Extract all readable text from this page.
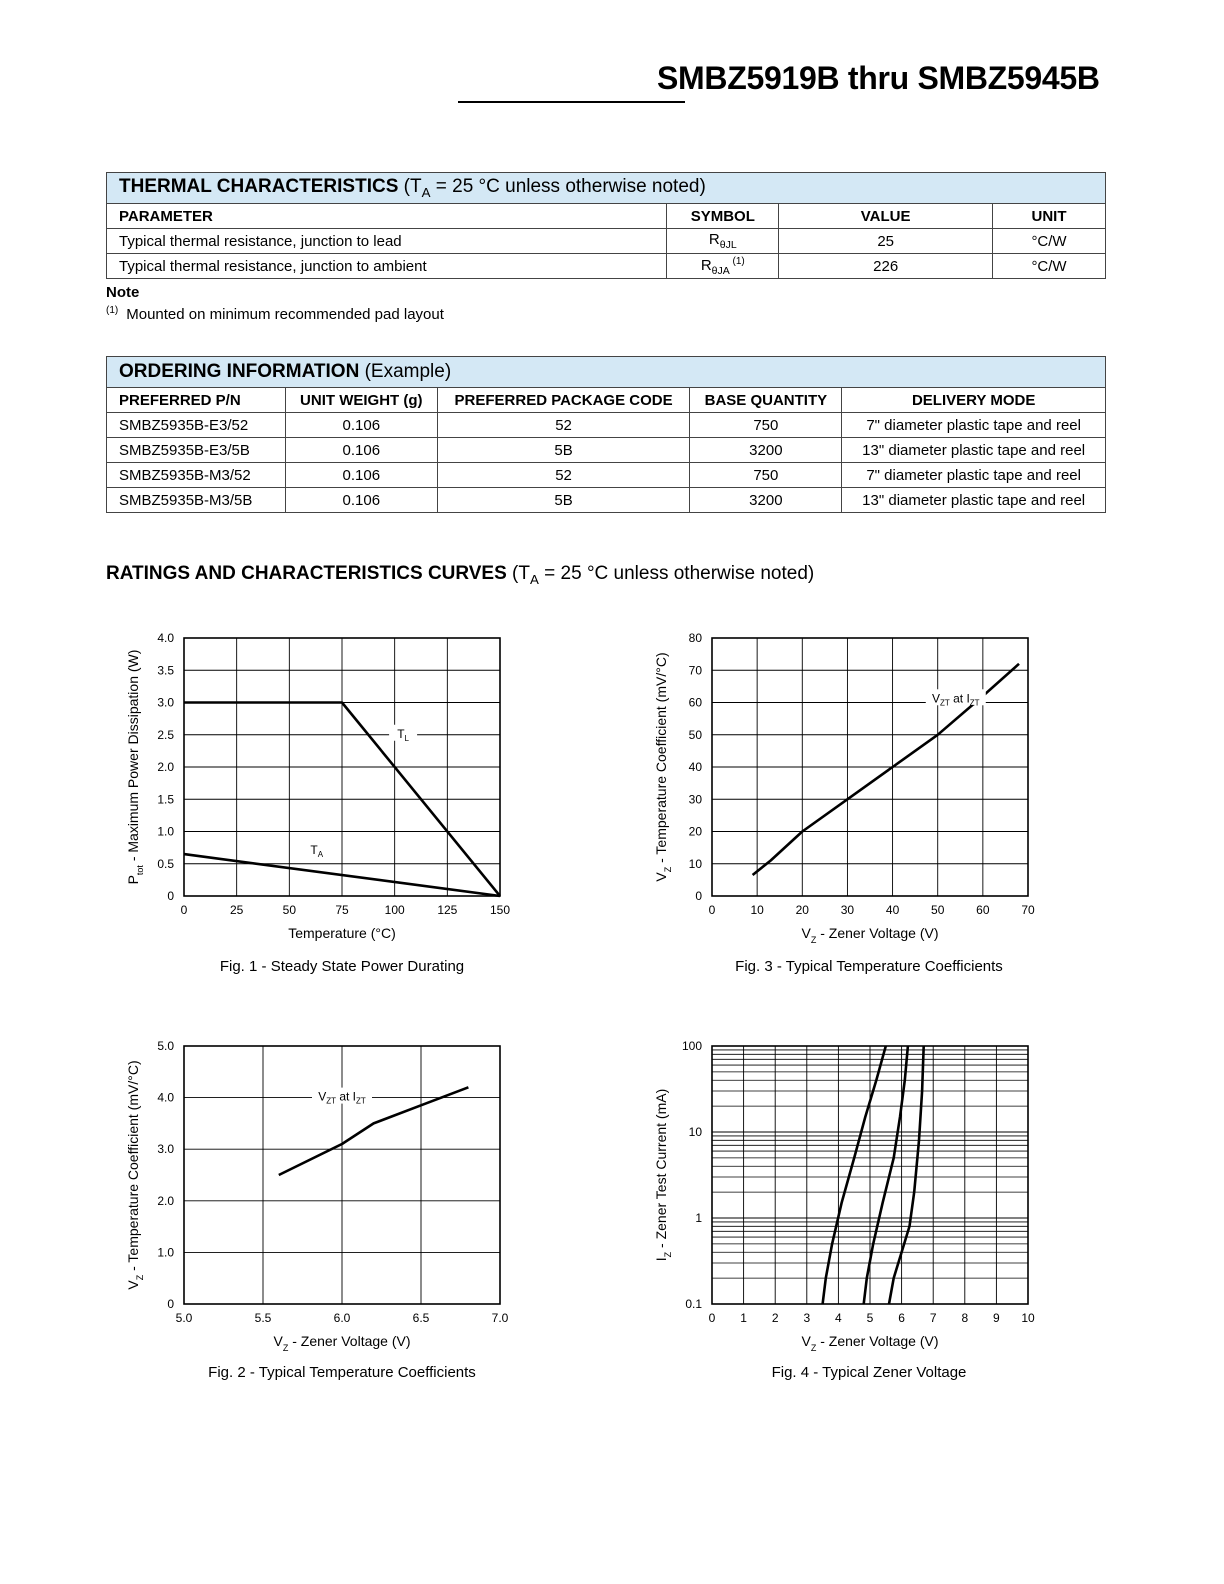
SMBZ5919B thru SMBZ5945B
THERMAL CHARACTERISTICS ($T_A = 25$ °C unless otherwise noted)			
PARAMETER	SYMBOL	VALUE	UNIT
Typical thermal resistance, junction to lead	$R_{\theta JL}$	25	°C/W
Typical thermal resistance, junction to ambient	$R_{\theta JA}$ $^{(1)}$	226	°C/W
Note
$^{(1)}$ Mounted on minimum recommended pad layout
ORDERING INFORMATION (Example)				
PREFERRED P/N	UNIT WEIGHT (g)	PREFERRED PACKAGE CODE	BASE QUANTITY	DELIVERY MODE
SMBZ5935B-E3/52	0.106	52	750	7" diameter plastic tape and reel
SMBZ5935B-E3/5B	0.106	5B	3200	13" diameter plastic tape and reel
SMBZ5935B-M3/52	0.106	52	750	7" diameter plastic tape and reel
SMBZ5935B-M3/5B	0.106	5B	3200	13" diameter plastic tape and reel
RATINGS AND CHARACTERISTICS CURVES ($T_A = 25$ °C unless otherwise noted)
0	25	50	75	100	125	150
0
0.5
1.0
1.5
2.0
2.5
3.0
3.5
4.0
Temperature (°C)
$P_{tot}$ - Maximum Power Dissipation (W)	$T_L$
$T_A$
Fig. 1 - Steady State Power Durating
0	10	20	30	40	50	60	70
0
10
20
30
40
50
60
70
80
$V_Z$ - Zener Voltage (V)
$V_Z$ - Temperature Coefficient (mV/°C)	$V_{ZT}$ at $I_{ZT}$
Fig. 3 - Typical Temperature Coefficients
5.0	5.5	6.0	6.5	7.0
0
1.0
2.0
3.0
4.0
5.0
$V_Z$ - Zener Voltage (V)
$V_Z$ - Temperature Coefficient (mV/°C)	$V_{ZT}$ at $I_{ZT}$
Fig. 2 - Typical Temperature Coefficients
0 1 2 3 4 5 6 7 8 9 10
0.1
1
10
100
$V_Z$ - Zener Voltage (V)
$I_Z$ - Zener Test Current (mA)
Fig. 4 - Typical Zener Voltage
